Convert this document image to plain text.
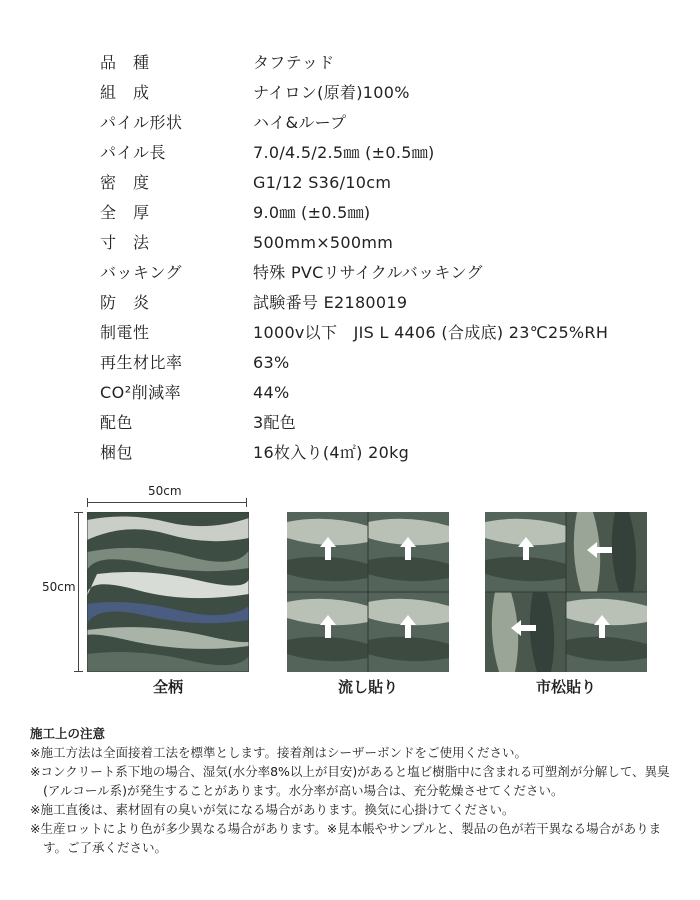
品　種	タフテッド
組　成	ナイロン(原着)100%
パイル形状	ハイ&ループ
パイル長	7.0/4.5/2.5㎜ (±0.5㎜)
密　度	G1/12 S36/10cm
全　厚	9.0㎜ (±0.5㎜)
寸　法	500mm×500mm
バッキング	特殊 PVCリサイクルバッキング
防　炎	試験番号 E2180019
制電性	1000v以下　JIS L 4406 (合成底) 23℃25%RH
再生材比率	63%
CO²削減率	44%
配色	3配色
梱包	16枚入り(4㎡) 20kg
50cm
50cm
全柄	流し貼り	市松貼り
施工上の注意
※施工方法は全面接着工法を標準とします。接着剤はシーザーボンドをご使用ください。
※コンクリート系下地の場合、湿気(水分率8%以上が目安)があると塩ビ樹脂中に含まれる可塑剤が分解して、異臭(アルコール系)が発生することがあります。水分率が高い場合は、充分乾燥させてください。
※施工直後は、素材固有の臭いが気になる場合があります。換気に心掛けてください。
※生産ロットにより色が多少異なる場合があります。※見本帳やサンプルと、製品の色が若干異なる場合があります。ご了承ください。
